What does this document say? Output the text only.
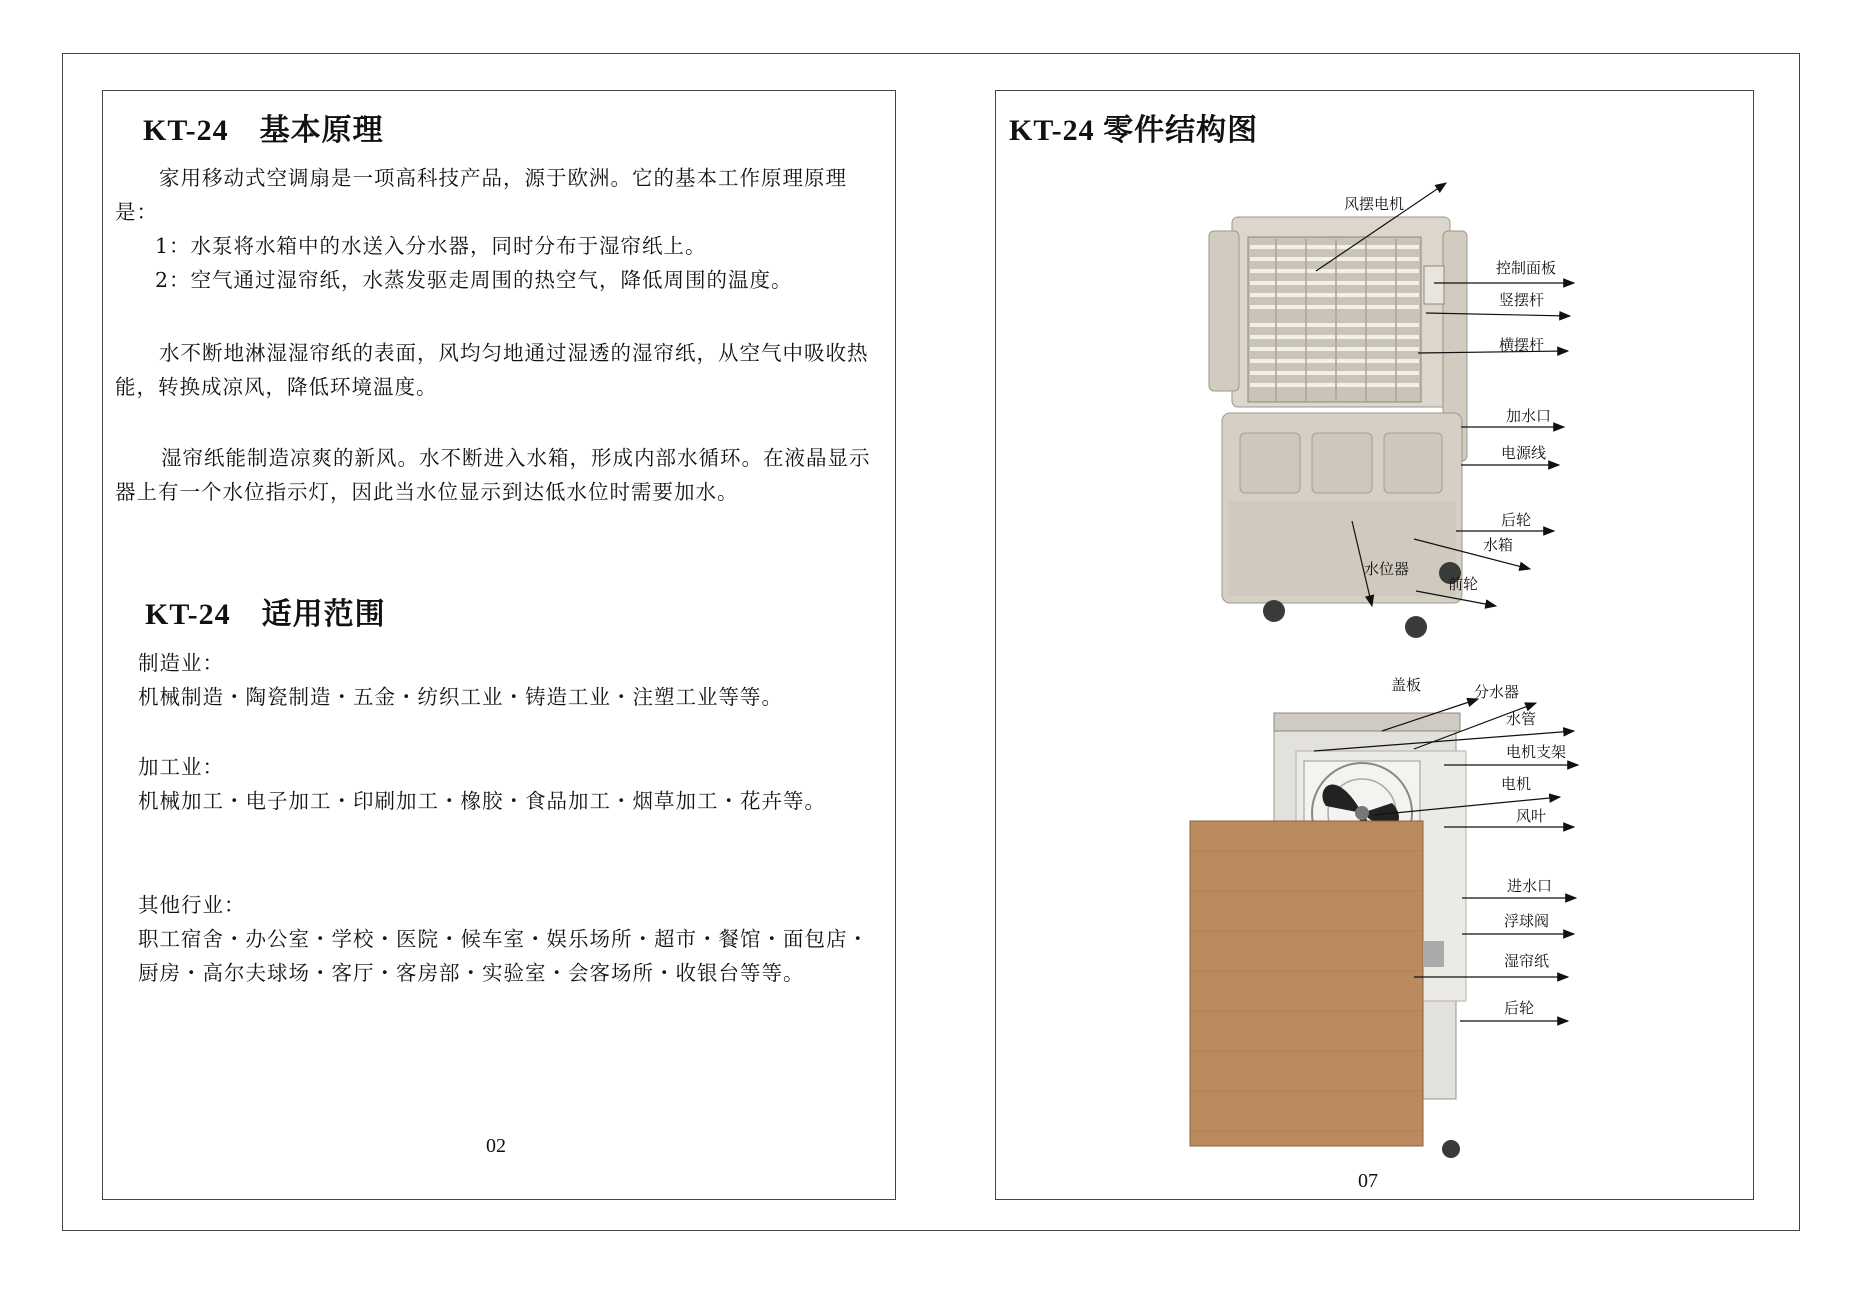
KT-24　基本原理
家用移动式空调扇是一项高科技产品，源于欧洲。它的基本工作原理原理是：
1：水泵将水箱中的水送入分水器，同时分布于湿帘纸上。
2：空气通过湿帘纸，水蒸发驱走周围的热空气，降低周围的温度。
水不断地淋湿湿帘纸的表面，风均匀地通过湿透的湿帘纸，从空气中吸收热能，转换成凉风，降低环境温度。
湿帘纸能制造凉爽的新风。水不断进入水箱，形成内部水循环。在液晶显示器上有一个水位指示灯，因此当水位显示到达低水位时需要加水。
KT-24　适用范围
制造业：
机械制造・陶瓷制造・五金・纺织工业・铸造工业・注塑工业等等。
加工业：
机械加工・电子加工・印刷加工・橡胶・食品加工・烟草加工・花卉等。
其他行业：
职工宿舍・办公室・学校・医院・候车室・娱乐场所・超市・餐馆・面包店・厨房・高尔夫球场・客厅・客房部・实验室・会客场所・收银台等等。
02
KT-24 零件结构图
风摆电机
控制面板
竖摆杆
横摆杆
加水口
电源线
后轮
水箱
水位器
前轮
盖板	分水器
水管
电机支架
电机
风叶
进水口
浮球阀
湿帘纸
后轮
07
